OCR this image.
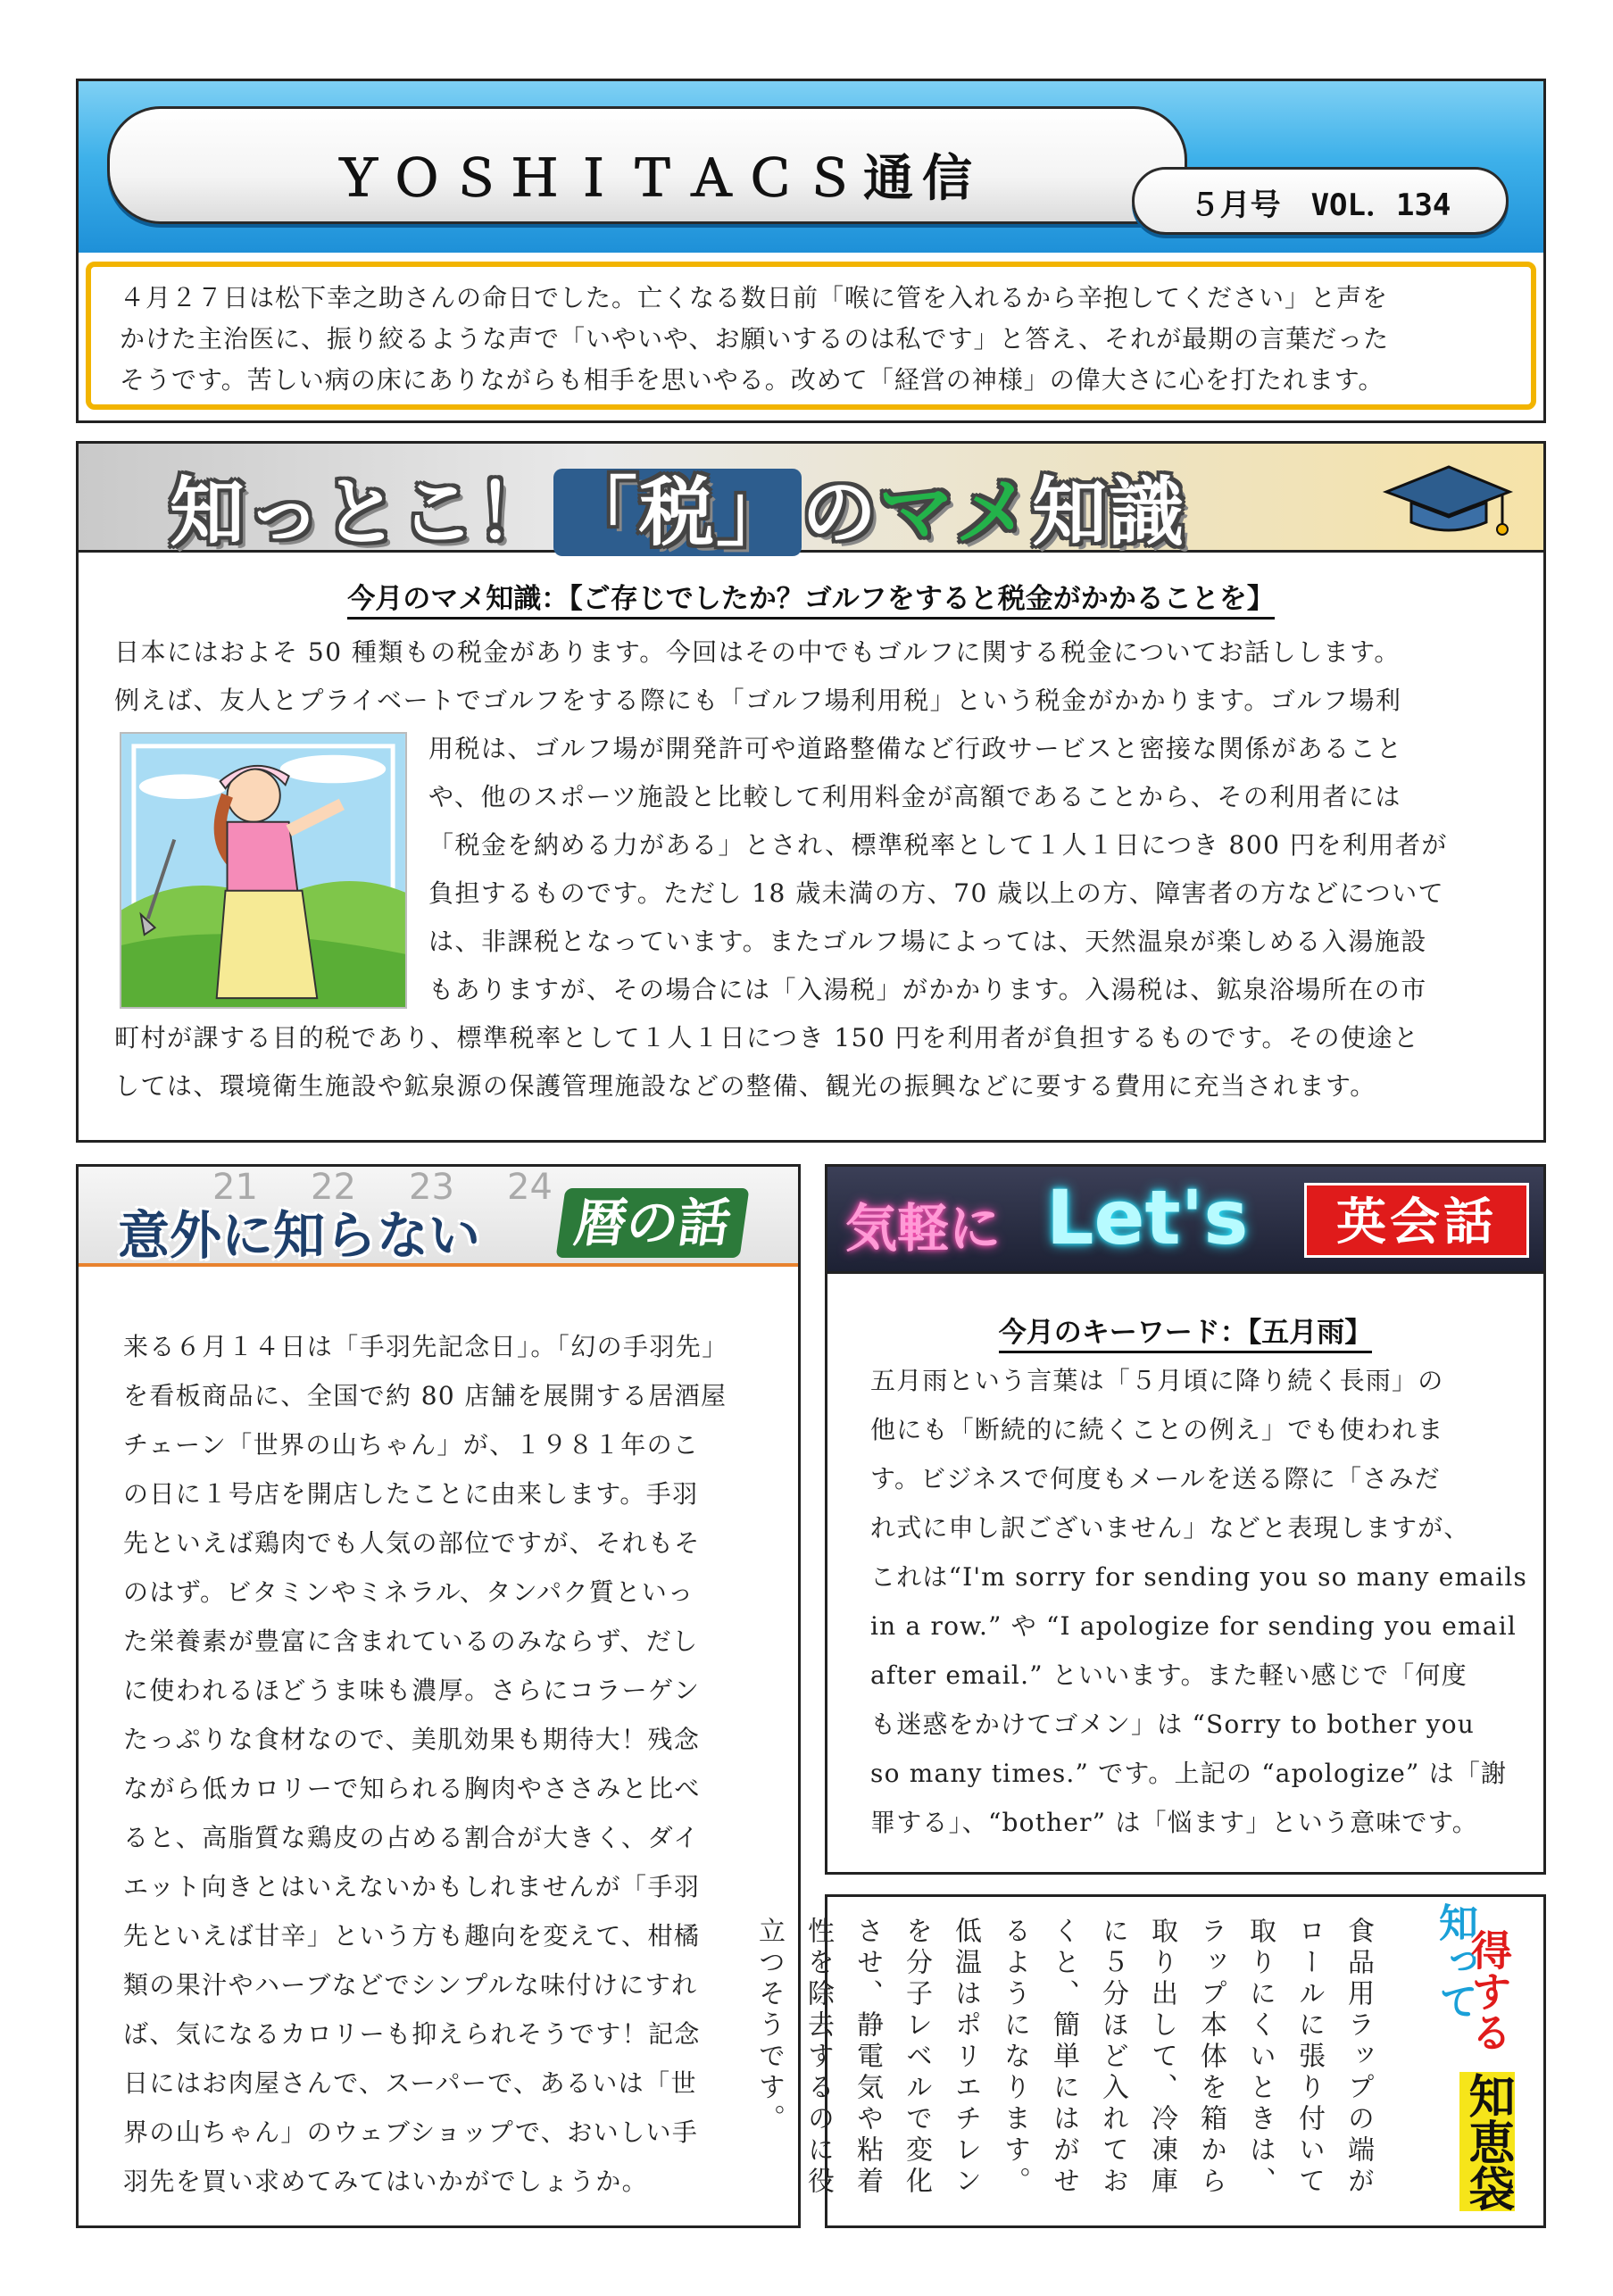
ＹＯＳＨＩＴＡＣＳ通信	５月号　VOL．134
４月２７日は松下幸之助さんの命日でした。亡くなる数日前「喉に管を入れるから辛抱してください」と声を
かけた主治医に、振り絞るような声で「いやいや、お願いするのは私です」と答え、それが最期の言葉だった
そうです。苦しい病の床にありながらも相手を思いやる。改めて「経営の神様」の偉大さに心を打たれます。
知っとこ！ 「税」 のマメ知識
今月のマメ知識：【ご存じでしたか？ゴルフをすると税金がかかることを】
日本にはおよそ 50 種類もの税金があります。今回はその中でもゴルフに関する税金についてお話しします。
例えば、友人とプライベートでゴルフをする際にも「ゴルフ場利用税」という税金がかかります。ゴルフ場利
用税は、ゴルフ場が開発許可や道路整備など行政サービスと密接な関係があること
や、他のスポーツ施設と比較して利用料金が高額であることから、その利用者には
「税金を納める力がある」とされ、標準税率として１人１日につき 800 円を利用者が
負担するものです。ただし 18 歳未満の方、70 歳以上の方、障害者の方などについて
は、非課税となっています。またゴルフ場によっては、天然温泉が楽しめる入湯施設
もありますが、その場合には「入湯税」がかかります。入湯税は、鉱泉浴場所在の市
町村が課する目的税であり、標準税率として１人１日につき 150 円を利用者が負担するものです。その使途と
しては、環境衛生施設や鉱泉源の保護管理施設などの整備、観光の振興などに要する費用に充当されます。
21 22 23 24
意外に知らない 暦の話
来る６月１４日は「手羽先記念日」。「幻の手羽先」
を看板商品に、全国で約 80 店舗を展開する居酒屋
チェーン「世界の山ちゃん」が、１９８１年のこ
の日に１号店を開店したことに由来します。手羽
先といえば鶏肉でも人気の部位ですが、それもそ
のはず。ビタミンやミネラル、タンパク質といっ
た栄養素が豊富に含まれているのみならず、だし
に使われるほどうま味も濃厚。さらにコラーゲン
たっぷりな食材なので、美肌効果も期待大！残念
ながら低カロリーで知られる胸肉やささみと比べ
ると、高脂質な鶏皮の占める割合が大きく、ダイ
エット向きとはいえないかもしれませんが「手羽
先といえば甘辛」という方も趣向を変えて、柑橘
類の果汁やハーブなどでシンプルな味付けにすれ
ば、気になるカロリーも抑えられそうです！記念
日にはお肉屋さんで、スーパーで、あるいは「世
界の山ちゃん」のウェブショップで、おいしい手
羽先を買い求めてみてはいかがでしょうか。
気軽に Let's	英会話
今月のキーワード：【五月雨】
五月雨という言葉は「５月頃に降り続く長雨」の
他にも「断続的に続くことの例え」でも使われま
す。ビジネスで何度もメールを送る際に「さみだ
れ式に申し訳ございません」などと表現しますが、
これは“I'm sorry for sending you so many emails
in a row.” や “I apologize for sending you email
after email.” といいます。また軽い感じで「何度
も迷惑をかけてゴメン」は “Sorry to bother you
so many times.” です。上記の “apologize” は「謝
罪する」、“bother” は「悩ます」という意味です。
食品用ラップの端がロールに張り付いて取りにくいときは、ラップ本体を箱から取り出して、冷凍庫に５分ほど入れておくと、簡単にはがせるようになります。低温はポリエチレンを分子レベルで変化させ、静電気や粘着性を除去するのに役立つそうです。	知って
得する
知恵袋
